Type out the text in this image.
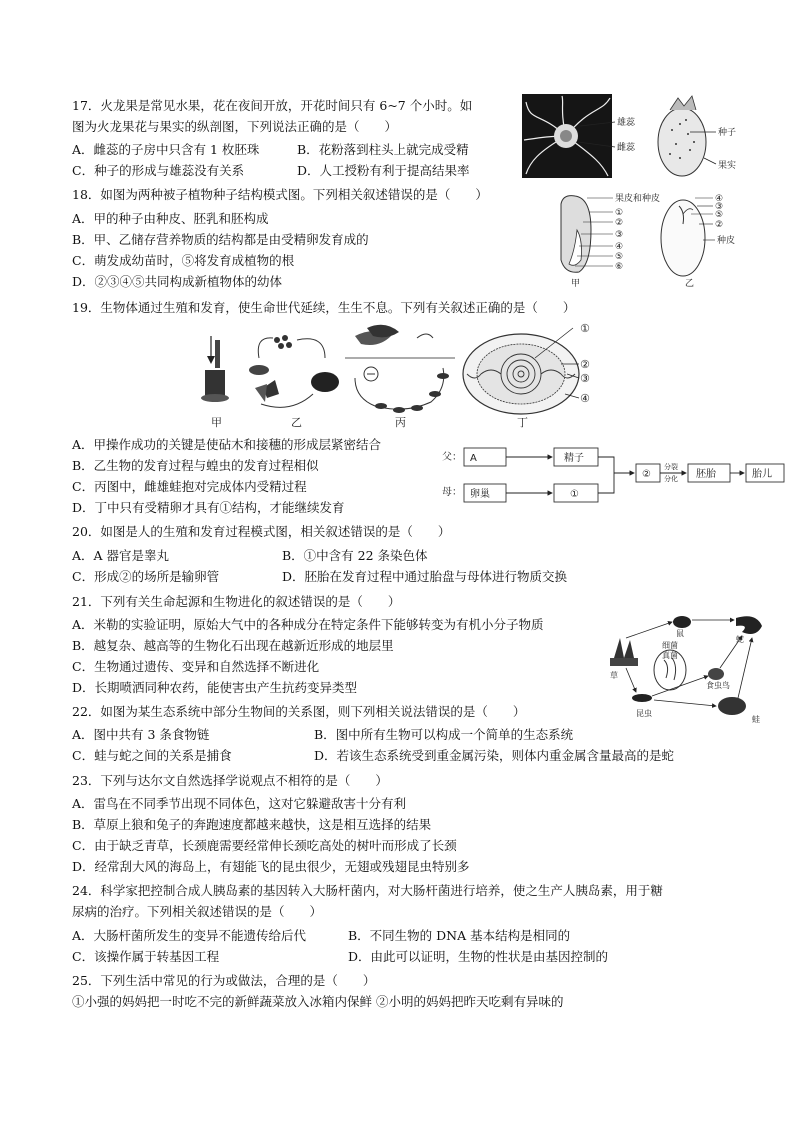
17．火龙果是常见水果，花在夜间开放，开花时间只有 6~7 个小时。如
图为火龙果花与果实的纵剖图，下列说法正确的是（　　）
A．雌蕊的子房中只含有 1 枚胚珠	B．花粉落到柱头上就完成受精
C．种子的形成与雄蕊没有关系	D．人工授粉有利于提高结果率
雄蕊
雌蕊
种子
果实
18．如图为两种被子植物种子结构模式图。下列相关叙述错误的是（　　）
A．甲的种子由种皮、胚乳和胚构成
B．甲、乙储存营养物质的结构都是由受精卵发育成的
C．萌发成幼苗时，⑤将发育成植物的根
D．②③④⑤共同构成新植物体的幼体
果皮和种皮
①
②
③
④
⑤
⑥
甲
④
③
⑤
②
种皮
乙
19．生物体通过生殖和发育，使生命世代延续，生生不息。下列有关叙述正确的是（　　）
甲	乙	丙
①
②
③
④
丁
A．甲操作成功的关键是使砧木和接穗的形成层紧密结合
B．乙生物的发育过程与蝗虫的发育过程相似
C．丙图中，雌雄蛙抱对完成体内受精过程
D．丁中只有受精卵才具有①结构，才能继续发育
父：
母：
A
卵巢
精子
①
②	胚胎	胎儿
分裂
分化
20．如图是人的生殖和发育过程模式图，相关叙述错误的是（　　）
A．A 器官是睾丸	B．①中含有 22 条染色体
C．形成②的场所是输卵管	D．胚胎在发育过程中通过胎盘与母体进行物质交换
21．下列有关生命起源和生物进化的叙述错误的是（　　）
A．米勒的实验证明，原始大气中的各种成分在特定条件下能够转变为有机小分子物质
B．越复杂、越高等的生物化石出现在越新近形成的地层里
C．生物通过遗传、变异和自然选择不断进化
D．长期喷洒同种农药，能使害虫产生抗药变异类型
鼠
蛇
细菌
真菌
草
食虫鸟
昆虫
蛙
22．如图为某生态系统中部分生物间的关系图，则下列相关说法错误的是（　　）
A．图中共有 3 条食物链	B．图中所有生物可以构成一个简单的生态系统
C．蛙与蛇之间的关系是捕食	D．若该生态系统受到重金属污染，则体内重金属含量最高的是蛇
23．下列与达尔文自然选择学说观点不相符的是（　　）
A．雷鸟在不同季节出现不同体色，这对它躲避敌害十分有利
B．草原上狼和兔子的奔跑速度都越来越快，这是相互选择的结果
C．由于缺乏青草，长颈鹿需要经常伸长颈吃高处的树叶而形成了长颈
D．经常刮大风的海岛上，有翅能飞的昆虫很少，无翅或残翅昆虫特别多
24．科学家把控制合成人胰岛素的基因转入大肠杆菌内，对大肠杆菌进行培养，使之生产人胰岛素，用于糖
尿病的治疗。下列相关叙述错误的是（　　）
A．大肠杆菌所发生的变异不能遗传给后代	B．不同生物的 DNA 基本结构是相同的
C．该操作属于转基因工程	D．由此可以证明，生物的性状是由基因控制的
25．下列生活中常见的行为或做法，合理的是（　　）
①小强的妈妈把一时吃不完的新鲜蔬菜放入冰箱内保鲜 ②小明的妈妈把昨天吃剩有异味的
